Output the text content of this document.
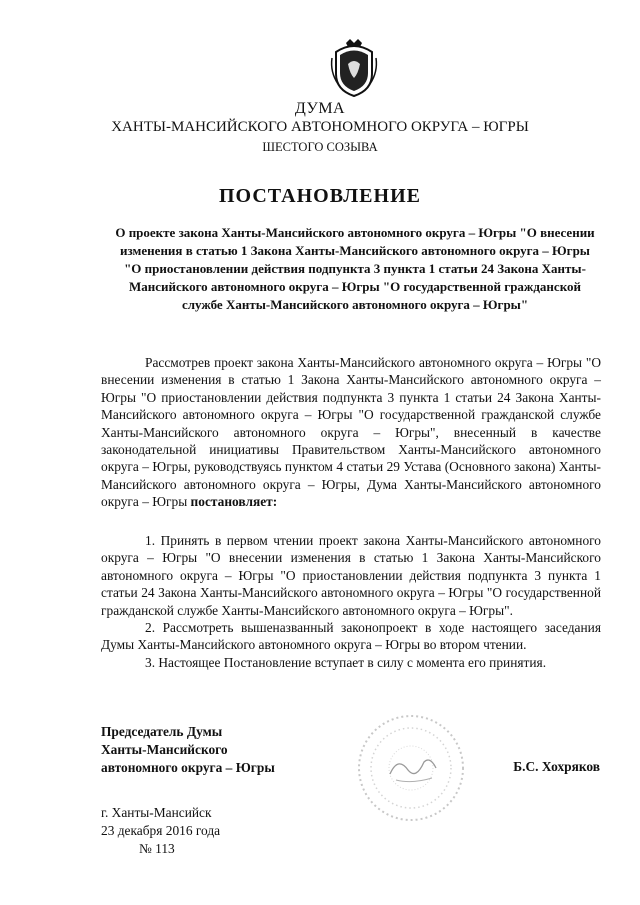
ДУМА
ХАНТЫ-МАНСИЙСКОГО АВТОНОМНОГО ОКРУГА – ЮГРЫ
ШЕСТОГО СОЗЫВА
ПОСТАНОВЛЕНИЕ
О проекте закона Ханты-Мансийского автономного округа – Югры "О внесении изменения в статью 1 Закона Ханты-Мансийского автономного округа – Югры "О приостановлении действия подпункта 3 пункта 1 статьи 24 Закона Ханты-Мансийского автономного округа – Югры "О государственной гражданской службе Ханты-Мансийского автономного округа – Югры"

Рассмотрев проект закона Ханты-Мансийского автономного округа – Югры "О внесении изменения в статью 1 Закона Ханты-Мансийского автономного округа – Югры "О приостановлении действия подпункта 3 пункта 1 статьи 24 Закона Ханты-Мансийского автономного округа – Югры "О государственной гражданской службе Ханты-Мансийского автономного округа – Югры", внесенный в качестве законодательной инициативы Правительством Ханты-Мансийского автономного округа – Югры, руководствуясь пунктом 4 статьи 29 Устава (Основного закона) Ханты-Мансийского автономного округа – Югры, Дума Ханты-Мансийского автономного округа – Югры постановляет:

1. Принять в первом чтении проект закона Ханты-Мансийского автономного округа – Югры "О внесении изменения в статью 1 Закона Ханты-Мансийского автономного округа – Югры "О приостановлении действия подпункта 3 пункта 1 статьи 24 Закона Ханты-Мансийского автономного округа – Югры "О государственной гражданской службе Ханты-Мансийского автономного округа – Югры".

2. Рассмотреть вышеназванный законопроект в ходе настоящего заседания Думы Ханты-Мансийского автономного округа – Югры во втором чтении.

3. Настоящее Постановление вступает в силу с момента его принятия.

Председатель Думы
Ханты-Мансийского
автономного округа – Югры	Б.С. Хохряков
г. Ханты-Мансийск
23 декабря 2016 года
№ 113
